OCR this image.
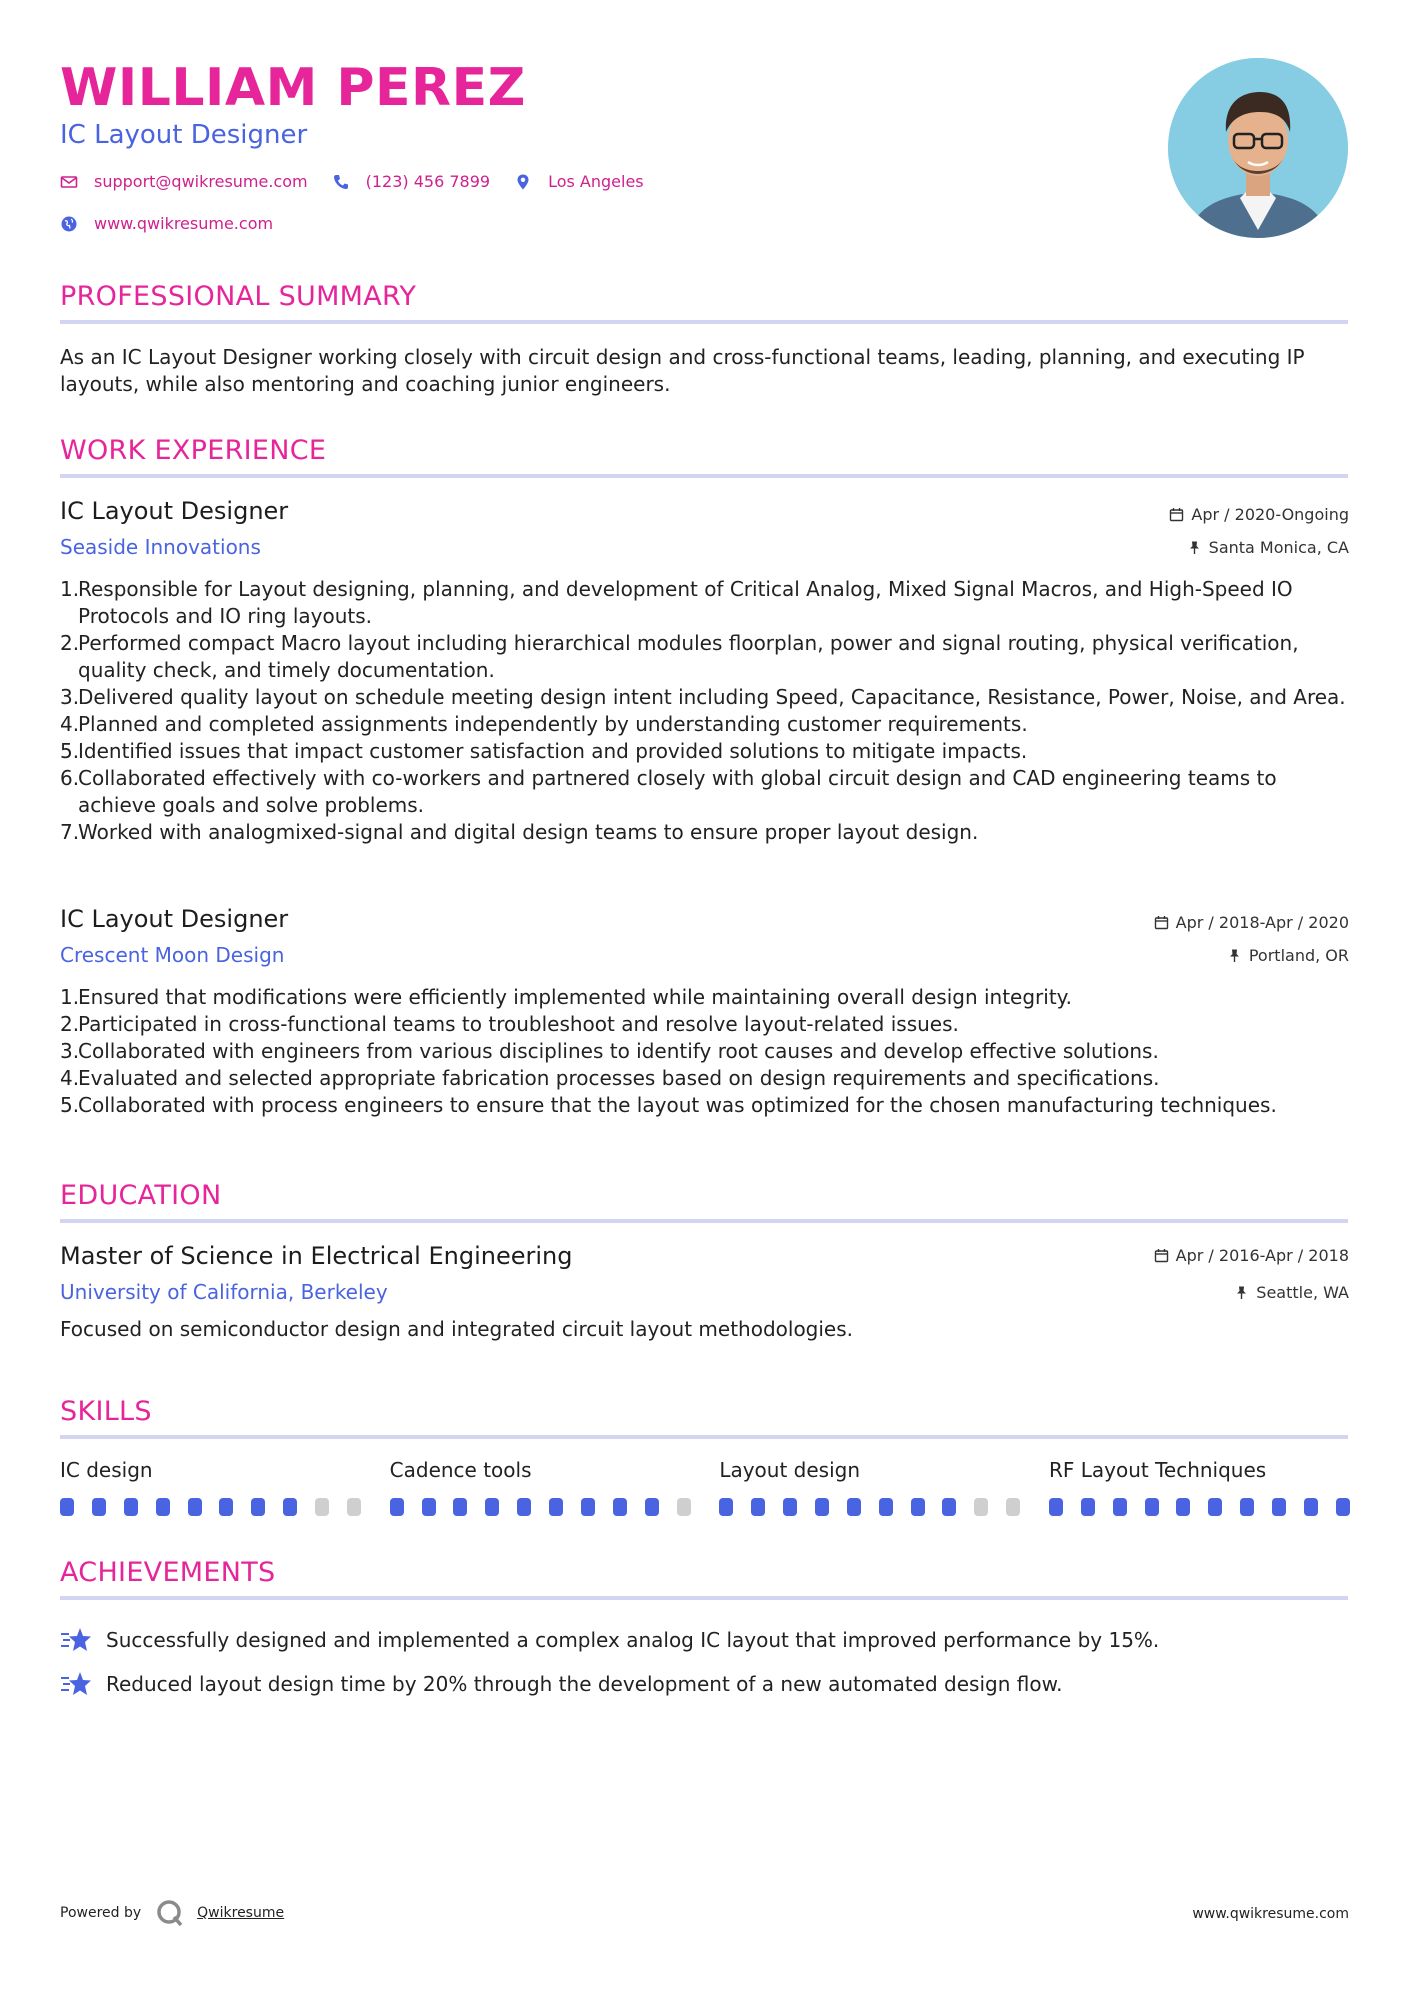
WILLIAM PEREZ
IC Layout Designer
support@qwikresume.com	(123) 456 7899	Los Angeles
www.qwikresume.com
PROFESSIONAL SUMMARY

As an IC Layout Designer working closely with circuit design and cross-functional teams, leading, planning, and executing IP layouts, while also mentoring and coaching junior engineers.

WORK EXPERIENCE

IC Layout Designer

Seaside Innovations

Apr / 2020-Ongoing
Santa Monica, CA
1.
Responsible for Layout designing, planning, and development of Critical Analog, Mixed Signal Macros, and High-Speed IO Protocols and IO ring layouts.
2.
Performed compact Macro layout including hierarchical modules floorplan, power and signal routing, physical verification, quality check, and timely documentation.
3.
Delivered quality layout on schedule meeting design intent including Speed, Capacitance, Resistance, Power, Noise, and Area.
4.
Planned and completed assignments independently by understanding customer requirements.
5.
Identified issues that impact customer satisfaction and provided solutions to mitigate impacts.
6.
Collaborated effectively with co-workers and partnered closely with global circuit design and CAD engineering teams to achieve goals and solve problems.
7.
Worked with analogmixed-signal and digital design teams to ensure proper layout design.

IC Layout Designer

Crescent Moon Design

Apr / 2018-Apr / 2020
Portland, OR
1.
Ensured that modifications were efficiently implemented while maintaining overall design integrity.
2.
Participated in cross-functional teams to troubleshoot and resolve layout-related issues.
3.
Collaborated with engineers from various disciplines to identify root causes and develop effective solutions.
4.
Evaluated and selected appropriate fabrication processes based on design requirements and specifications.
5.
Collaborated with process engineers to ensure that the layout was optimized for the chosen manufacturing techniques.
EDUCATION

Master of Science in Electrical Engineering

University of California, Berkeley

Apr / 2016-Apr / 2018
Seattle, WA

Focused on semiconductor design and integrated circuit layout methodologies.

SKILLS

IC design	Cadence tools	Layout design	RF Layout Techniques

ACHIEVEMENTS
Successfully designed and implemented a complex analog IC layout that improved performance by 15%.
Reduced layout design time by 20% through the development of a new automated design flow.
Powered by	Qwikresume	www.qwikresume.com
